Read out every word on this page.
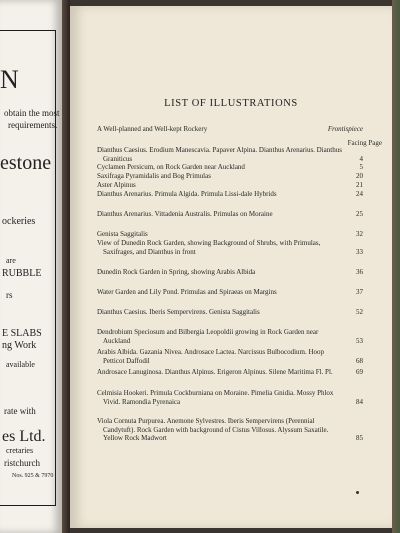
N
obtain the most
requirements.
estone
ockeries
are
RUBBLE
rs
E SLABS
ng Work
available
rate with
es Ltd.
cretaries
ristchurch
Nos. 925 & 7970
LIST OF ILLUSTRATIONS
Facing Page
A Well-planned and Well-kept Rockery	Frontispiece
Dianthus Caesius. Erodium Manescavia. Papaver Alpina. Dianthus Arenarius. Dianthus Graniticus	4
Cyclamen Persicum, on Rock Garden near Auckland	5
Saxifraga Pyramidalis and Bog Primulas	20
Aster Alpinus	21
Dianthus Arenarius. Primula Algida. Primula Lissi-dale Hybrids	24
Dianthus Arenarius. Vittadenia Australis. Primulas on Moraine	25
Genista Saggitalis	32
View of Dunedin Rock Garden, showing Background of Shrubs, with Primulas, Saxifrages, and Dianthus in front	33
Dunedin Rock Garden in Spring, showing Arabis Albida	36
Water Garden and Lily Pond. Primulas and Spiraeas on Margins	37
Dianthus Caesius. Iberis Sempervirens. Genista Saggitalis	52
Dendrobium Speciosum and Bilbergia Leopoldii growing in Rock Garden near Auckland	53
Arabis Albida. Gazania Nivea. Androsace Lactea. Narcissus Bulbocodium. Hoop Petticot Daffodil	68
Androsace Lanuginosa. Dianthus Alpinus. Erigeron Alpinus. Silene Maritima Fl. Pl.	69
Celmisia Hookeri. Primula Cockburniana on Moraine. Pimelia Gnidia. Mossy Phlox Vivid. Ramondia Pyrenaica	84
Viola Cornuta Purpurea. Anemone Sylvestres. Iberis Sempervirens (Perennial Candytuft). Rock Garden with background of Cistus Villosus. Alyssum Saxatile. Yellow Rock Madwort	85
